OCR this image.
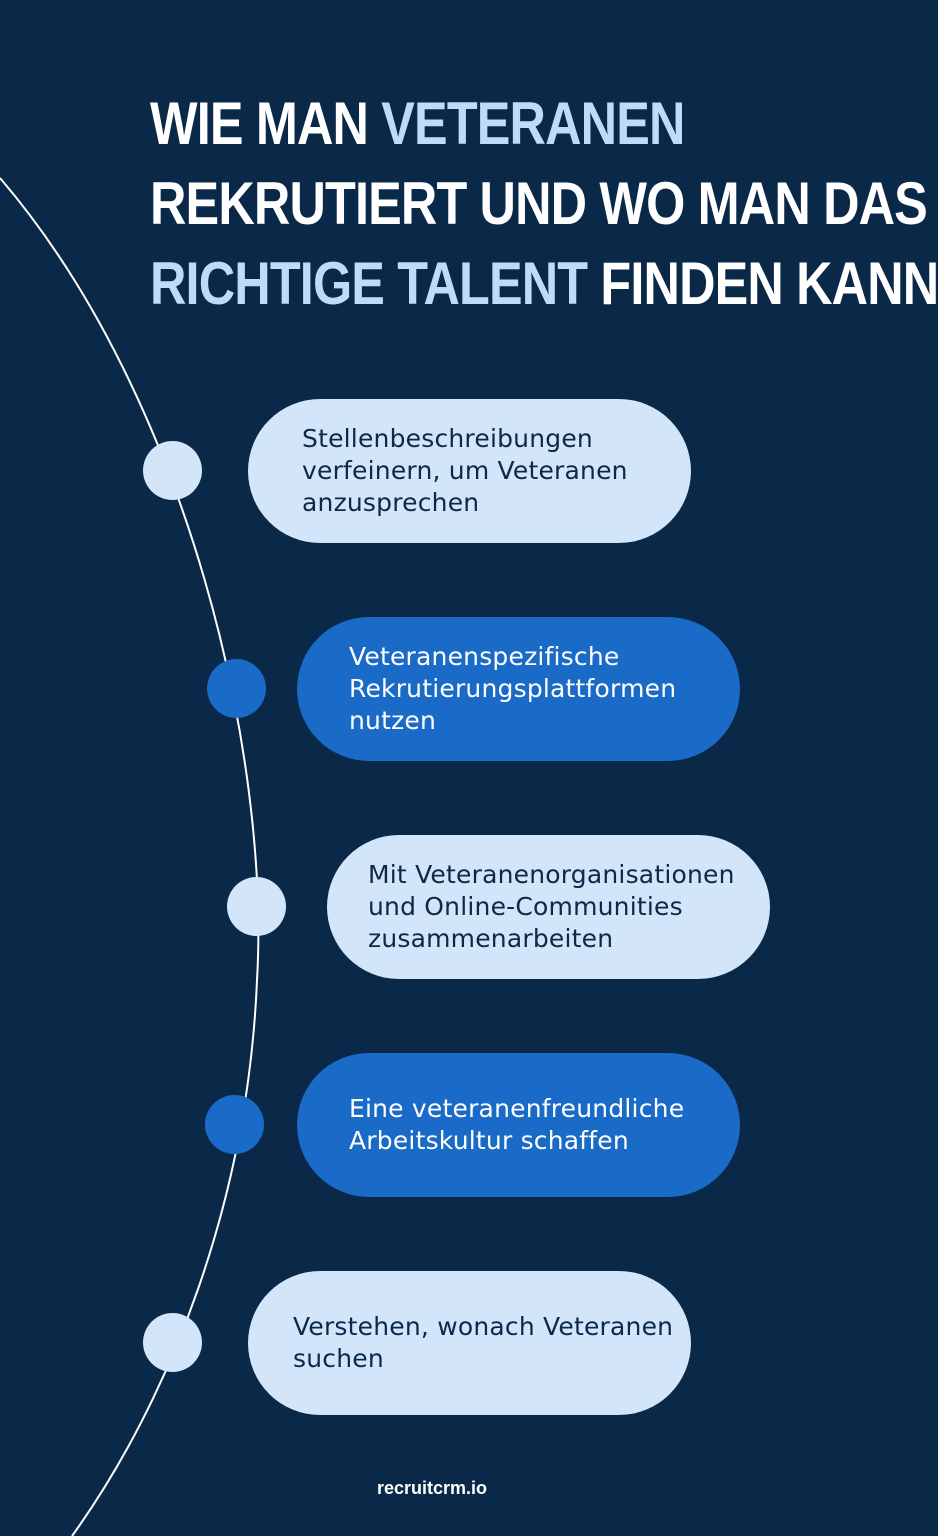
WIE MAN VETERANEN
REKRUTIERT UND WO MAN DAS
RICHTIGE TALENT FINDEN KANN
Stellenbeschreibungen
verfeinern, um Veteranen
anzusprechen
Veteranenspezifische
Rekrutierungsplattformen
nutzen
Mit Veteranenorganisationen
und Online-Communities
zusammenarbeiten
Eine veteranenfreundliche
Arbeitskultur schaffen
Verstehen, wonach Veteranen
suchen
recruitcrm.io
